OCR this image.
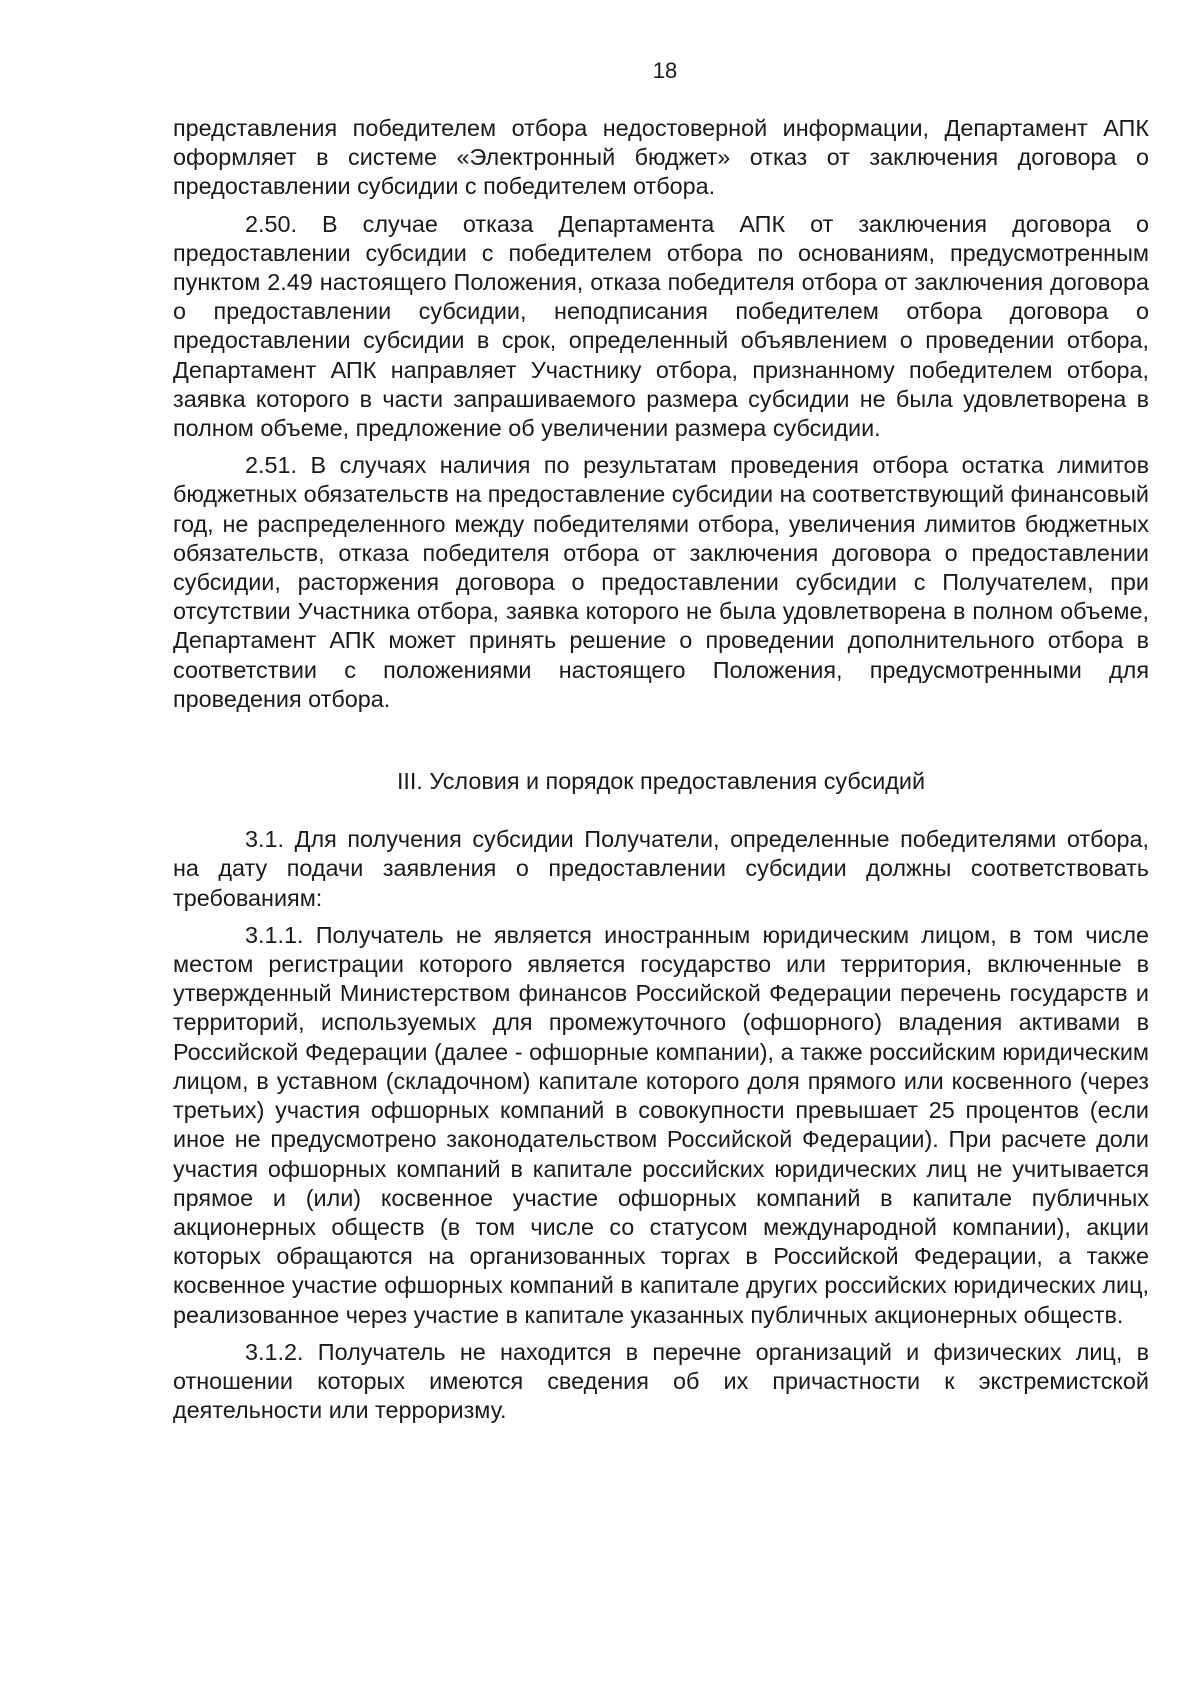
18

представления победителем отбора недостоверной информации, Департамент АПК оформляет в системе «Электронный бюджет» отказ от заключения договора о предоставлении субсидии с победителем отбора.

2.50. В случае отказа Департамента АПК от заключения договора о предоставлении субсидии с победителем отбора по основаниям, предусмотренным пунктом 2.49 настоящего Положения, отказа победителя отбора от заключения договора о предоставлении субсидии, неподписания победителем отбора договора о предоставлении субсидии в срок, определенный объявлением о проведении отбора, Департамент АПК направляет Участнику отбора, признанному победителем отбора, заявка которого в части запрашиваемого размера субсидии не была удовлетворена в полном объеме, предложение об увеличении размера субсидии.

2.51. В случаях наличия по результатам проведения отбора остатка лимитов бюджетных обязательств на предоставление субсидии на соответствующий финансовый год, не распределенного между победителями отбора, увеличения лимитов бюджетных обязательств, отказа победителя отбора от заключения договора о предоставлении субсидии, расторжения договора о предоставлении субсидии с Получателем, при отсутствии Участника отбора, заявка которого не была удовлетворена в полном объеме, Департамент АПК может принять решение о проведении дополнительного отбора в соответствии с положениями настоящего Положения, предусмотренными для проведения отбора.

III. Условия и порядок предоставления субсидий

3.1. Для получения субсидии Получатели, определенные победителями отбора, на дату подачи заявления о предоставлении субсидии должны соответствовать требованиям:

3.1.1. Получатель не является иностранным юридическим лицом, в том числе местом регистрации которого является государство или территория, включенные в утвержденный Министерством финансов Российской Федерации перечень государств и территорий, используемых для промежуточного (офшорного) владения активами в Российской Федерации (далее - офшорные компании), а также российским юридическим лицом, в уставном (складочном) капитале которого доля прямого или косвенного (через третьих) участия офшорных компаний в совокупности превышает 25 процентов (если иное не предусмотрено законодательством Российской Федерации). При расчете доли участия офшорных компаний в капитале российских юридических лиц не учитывается прямое и (или) косвенное участие офшорных компаний в капитале публичных акционерных обществ (в том числе со статусом международной компании), акции которых обращаются на организованных торгах в Российской Федерации, а также косвенное участие офшорных компаний в капитале других российских юридических лиц, реализованное через участие в капитале указанных публичных акционерных обществ.

3.1.2. Получатель не находится в перечне организаций и физических лиц, в отношении которых имеются сведения об их причастности к экстремистской деятельности или терроризму.
